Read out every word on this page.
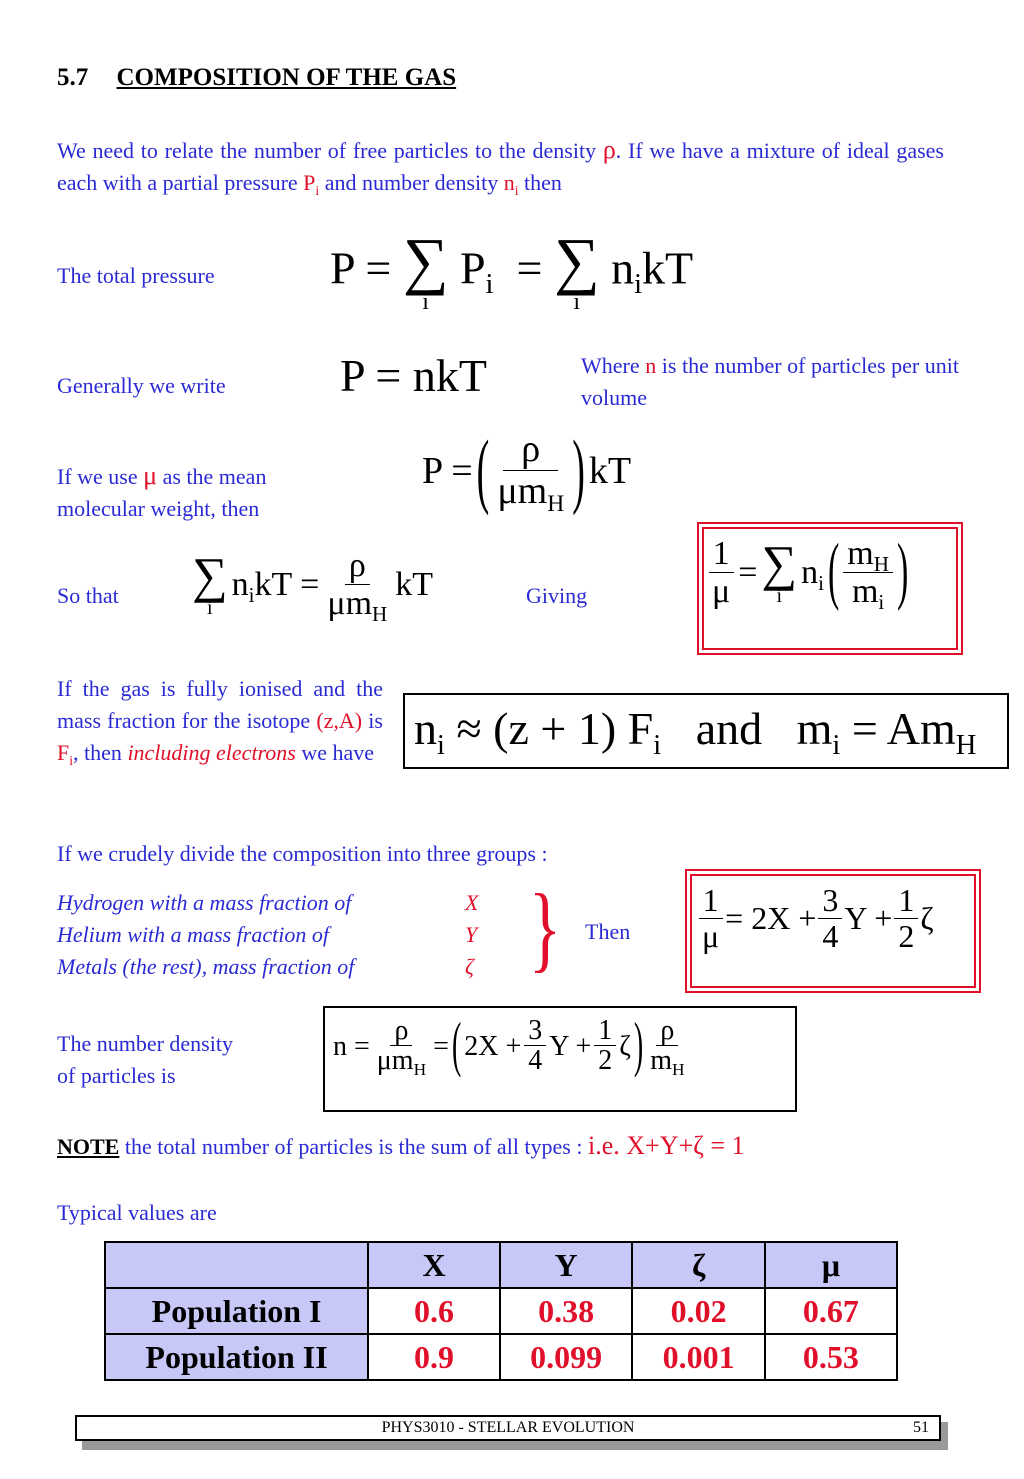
5.7 COMPOSITION OF THE GAS
We need to relate the number of free particles to the density ρ. If we have a mixture of ideal gases each with a partial pressure $P_i$ and number density $n_i$ then
The total pressure	P = ∑
i
$P_i$  = ∑
i
$n_ikT$
Generally we write P = nkT	Where n is the number of particles per unit volume
If we use μ as the mean molecular weight, then
P = ( $\frac{\rho}{\mu m_H}$ ) kT
So that ∑
i
$n_ikT = \frac{\rho}{\mu m_H}$ kT	Giving	$\frac{1}{\mu}$ = ∑
i
$n_i$ ( $\frac{m_H}{m_i}$ )
If the gas is fully ionised and the mass fraction for the isotope (z,A) is $F_i$, then including electrons we have $n_i \approx (z + 1)$ $F_i$ and   $m_i = Am_H$
If we crudely divide the composition into three groups :
Hydrogen with a mass fraction of
Helium with a mass fraction of
Metals (the rest), mass fraction of
X
Y
ζ } Then $\frac{1}{\mu} = 2X + \frac{3}{4}$ $Y + \frac{1}{2}$ ζ
The number density
of particles is
$n = \frac{\rho}{\mu m_H}$ = ( $2X + \frac{3}{4}$ $Y + \frac{1}{2}$ ζ ) $\frac{\rho}{m_H}$
NOTE the total number of particles is the sum of all types : i.e. X+Y+ζ = 1
Typical values are
	X	Y	ζ	μ
Population I	0.6	0.38	0.02	0.67
Population II	0.9	0.099	0.001	0.53
PHYS3010 - STELLAR EVOLUTION	51
